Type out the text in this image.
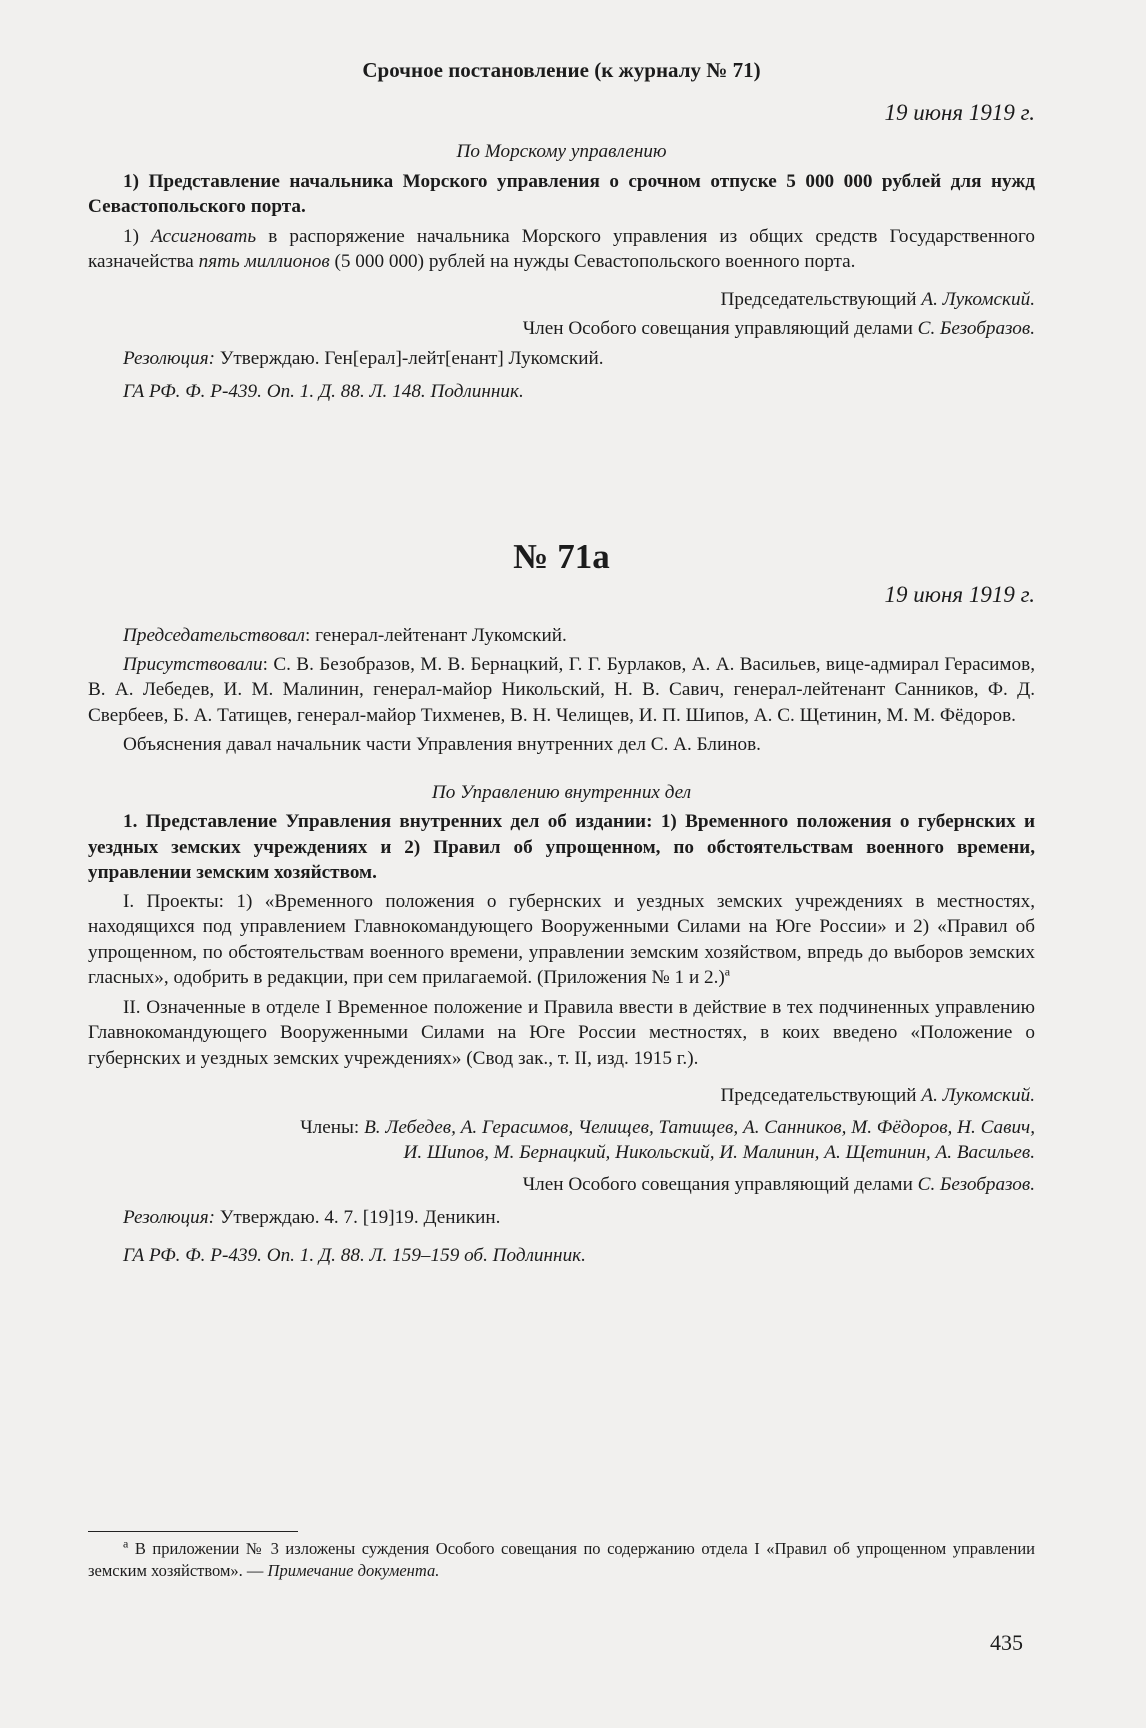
Срочное постановление (к журналу № 71)

19 июня 1919 г.

По Морскому управлению

1) Представление начальника Морского управления о срочном отпуске 5 000 000 рублей для нужд Севастопольского порта.

1) Ассигновать в распоряжение начальника Морского управления из общих средств Государственного казначейства пять миллионов (5 000 000) рублей на нужды Севастопольского военного порта.

Председательствующий А. Лукомский.

Член Особого совещания управляющий делами С. Безобразов.

Резолюция: Утверждаю. Ген[ерал]-лейт[енант] Лукомский.

ГА РФ. Ф. Р-439. Оп. 1. Д. 88. Л. 148. Подлинник.

№ 71а

19 июня 1919 г.

Председательствовал: генерал-лейтенант Лукомский.

Присутствовали: С. В. Безобразов, М. В. Бернацкий, Г. Г. Бурлаков, А. А. Васильев, вице-адмирал Герасимов, В. А. Лебедев, И. М. Малинин, генерал-майор Никольский, Н. В. Савич, генерал-лейтенант Санников, Ф. Д. Свербеев, Б. А. Татищев, генерал-майор Тихменев, В. Н. Челищев, И. П. Шипов, А. С. Щетинин, М. М. Фёдоров.

Объяснения давал начальник части Управления внутренних дел С. А. Блинов.

По Управлению внутренних дел

1. Представление Управления внутренних дел об издании: 1) Временного положения о губернских и уездных земских учреждениях и 2) Правил об упрощенном, по обстоятельствам военного времени, управлении земским хозяйством.

I. Проекты: 1) «Временного положения о губернских и уездных земских учреждениях в местностях, находящихся под управлением Главнокомандующего Вооруженными Силами на Юге России» и 2) «Правил об упрощенном, по обстоятельствам военного времени, управлении земским хозяйством, впредь до выборов земских гласных», одобрить в редакции, при сем прилагаемой. (Приложения № 1 и 2.)$^а$

II. Означенные в отделе I Временное положение и Правила ввести в действие в тех подчиненных управлению Главнокомандующего Вооруженными Силами на Юге России местностях, в коих введено «Положение о губернских и уездных земских учреждениях» (Свод зак., т. II, изд. 1915 г.).

Председательствующий А. Лукомский.

Члены: В. Лебедев, А. Герасимов, Челищев, Татищев, А. Санников, М. Фёдоров, Н. Савич,
И. Шипов, М. Бернацкий, Никольский, И. Малинин, А. Щетинин, А. Васильев.

Член Особого совещания управляющий делами С. Безобразов.

Резолюция: Утверждаю. 4. 7. [19]19. Деникин.

ГА РФ. Ф. Р-439. Оп. 1. Д. 88. Л. 159–159 об. Подлинник.

$^а$ В приложении № 3 изложены суждения Особого совещания по содержанию отдела I «Правил об упрощенном управлении земским хозяйством». — Примечание документа.

435
